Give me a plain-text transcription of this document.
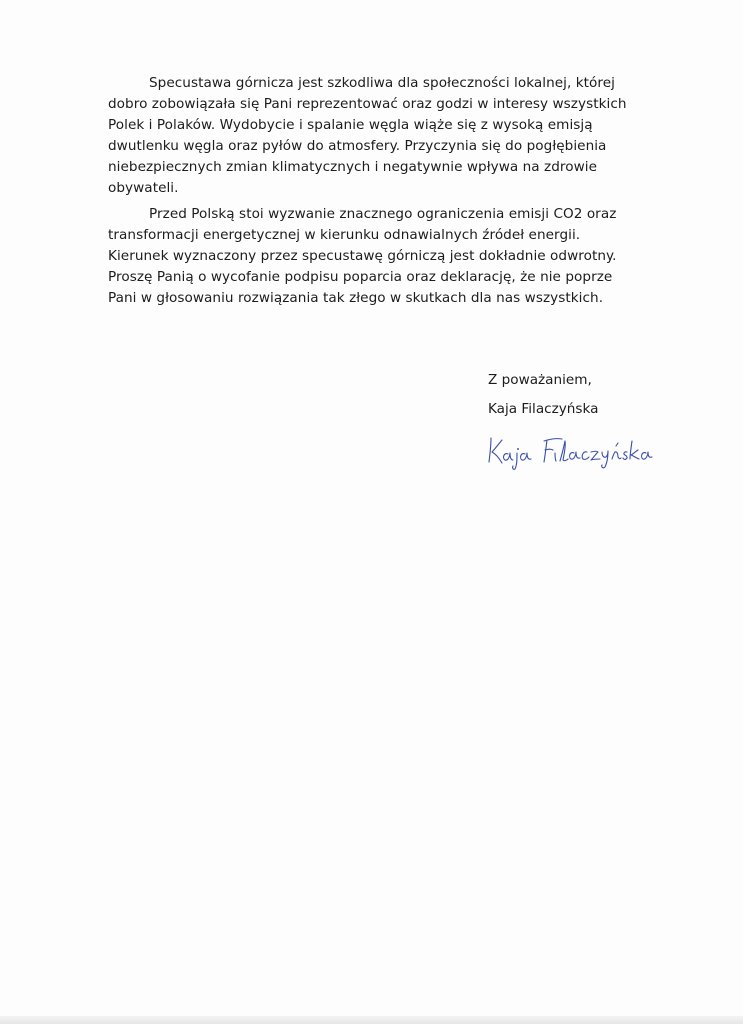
Specustawa górnicza jest szkodliwa dla społeczności lokalnej, której
dobro zobowiązała się Pani reprezentować oraz godzi w interesy wszystkich
Polek i Polaków. Wydobycie i spalanie węgla wiąże się z wysoką emisją
dwutlenku węgla oraz pyłów do atmosfery. Przyczynia się do pogłębienia
niebezpiecznych zmian klimatycznych i negatywnie wpływa na zdrowie
obywateli.
Przed Polską stoi wyzwanie znacznego ograniczenia emisji CO2 oraz
transformacji energetycznej w kierunku odnawialnych źródeł energii.
Kierunek wyznaczony przez specustawę górniczą jest dokładnie odwrotny.
Proszę Panią o wycofanie podpisu poparcia oraz deklarację, że nie poprze
Pani w głosowaniu rozwiązania tak złego w skutkach dla nas wszystkich.
Z poważaniem,
Kaja Filaczyńska
